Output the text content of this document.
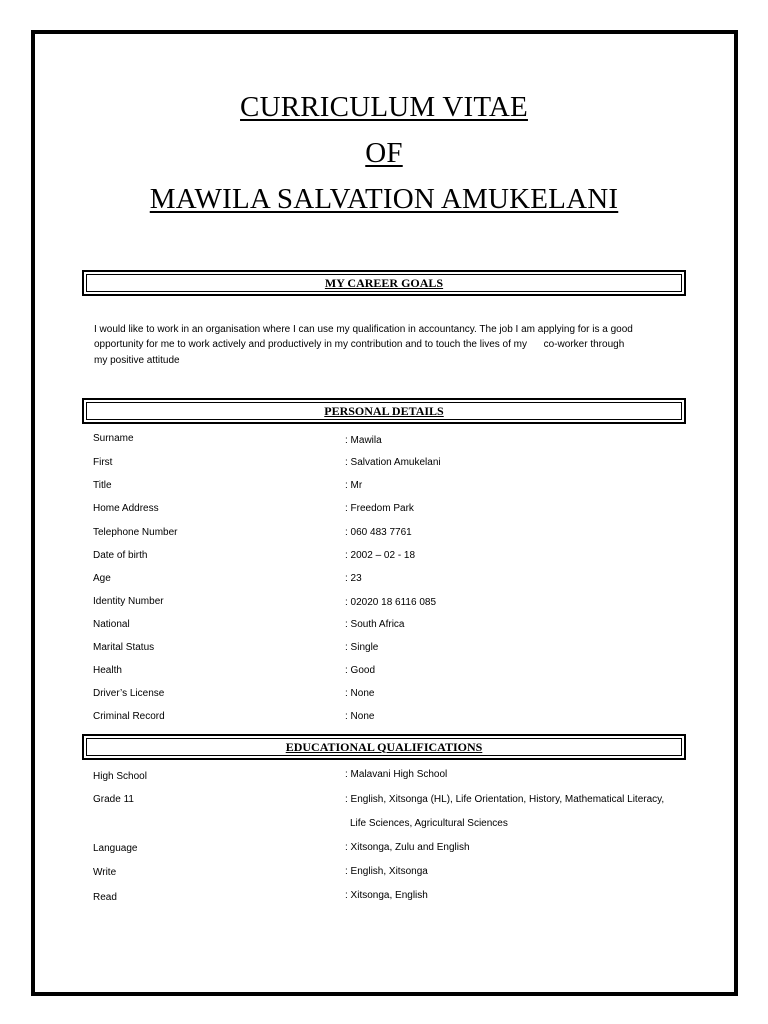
CURRICULUM VITAE
OF
MAWILA SALVATION AMUKELANI
MY CAREER GOALS
I would like to work in an organisation where I can use my qualification in accountancy. The job I am applying for is a good
opportunity for me to work actively and productively in my contribution and to touch the lives of my      co-worker through
my positive attitude
PERSONAL DETAILS
Surname	: Mawila
First	: Salvation Amukelani
Title	: Mr
Home Address	: Freedom Park
Telephone Number	: 060 483 7761
Date of birth	: 2002 – 02 - 18
Age	: 23
Identity Number	: 02020 18 6116 085
National	: South Africa
Marital Status	: Single
Health	: Good
Driver’s License	: None
Criminal Record	: None
EDUCATIONAL QUALIFICATIONS
High School	: Malavani High School
Grade 11	: English, Xitsonga (HL), Life Orientation, History, Mathematical Literacy,
Life Sciences, Agricultural Sciences
Language	: Xitsonga, Zulu and English
Write	: English, Xitsonga
Read	: Xitsonga, English
